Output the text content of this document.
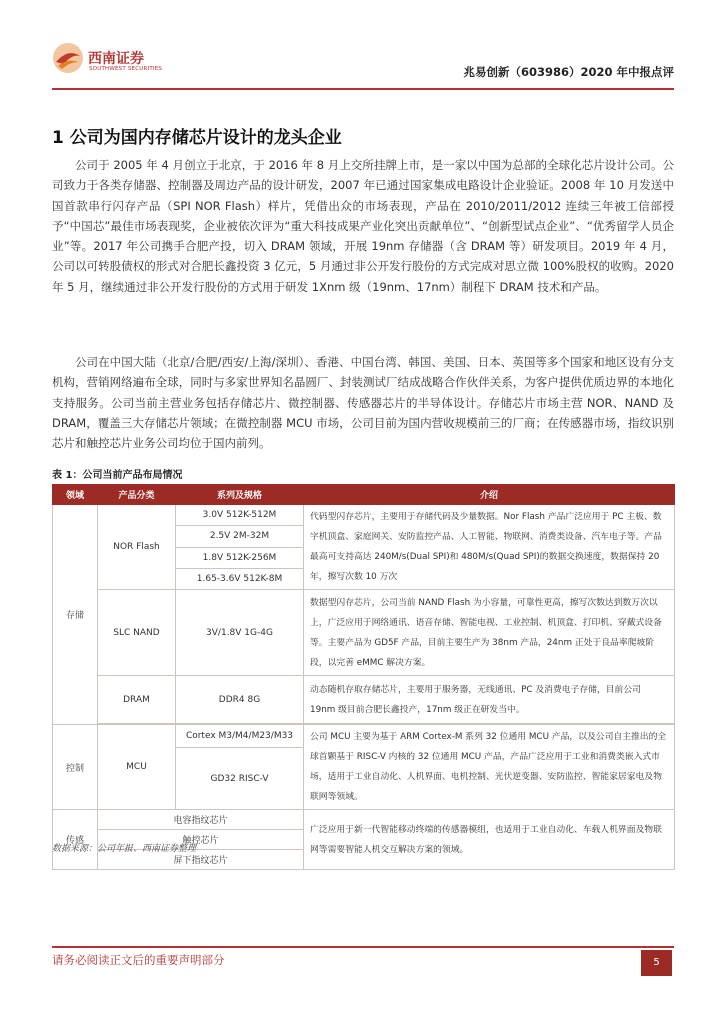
西南证券
SOUTHWEST SECURITIES	兆易创新（603986）2020 年中报点评
1 公司为国内存储芯片设计的龙头企业

公司于 2005 年 4 月创立于北京，于 2016 年 8 月上交所挂牌上市，是一家以中国为总部的全球化芯片设计公司。公司致力于各类存储器、控制器及周边产品的设计研发，2007 年已通过国家集成电路设计企业验证。2008 年 10 月发送中国首款串行闪存产品（SPI NOR Flash）样片，凭借出众的市场表现，产品在 2010/2011/2012 连续三年被工信部授予“中国芯”最佳市场表现奖，企业被依次评为“重大科技成果产业化突出贡献单位”、“创新型试点企业”、“优秀留学人员企业”等。2017 年公司携手合肥产投，切入 DRAM 领域，开展 19nm 存储器（含 DRAM 等）研发项目。2019 年 4 月，公司以可转股债权的形式对合肥长鑫投资 3 亿元，5 月通过非公开发行股份的方式完成对思立微 100%股权的收购。2020 年 5 月，继续通过非公开发行股份的方式用于研发 1Xnm 级（19nm、17nm）制程下 DRAM 技术和产品。

公司在中国大陆（北京/合肥/西安/上海/深圳）、香港、中国台湾、韩国、美国、日本、英国等多个国家和地区设有分支机构，营销网络遍布全球，同时与多家世界知名晶圆厂、封装测试厂结成战略合作伙伴关系，为客户提供优质边界的本地化支持服务。公司当前主营业务包括存储芯片、微控制器、传感器芯片的半导体设计。存储芯片市场主营 NOR、NAND 及 DRAM，覆盖三大存储芯片领域；在微控制器 MCU 市场，公司目前为国内营收规模前三的厂商；在传感器市场，指纹识别芯片和触控芯片业务公司均位于国内前列。

表 1：公司当前产品布局情况
领域	产品分类	系列及规格	介绍
存储	NOR Flash	3.0V 512K-512M	代码型闪存芯片，主要用于存储代码及少量数据。Nor Flash 产品广泛应用于 PC 主板、数字机顶盒、家庭网关、安防监控产品、人工智能、物联网、消费类设备、汽车电子等。产品最高可支持高达 240M/s(Dual SPI)和 480M/s(Quad SPI)的数据交换速度，数据保持 20 年，擦写次数 10 万次
		2.5V 2M-32M	
		1.8V 512K-256M	
		1.65-3.6V 512K-8M	
	SLC NAND	3V/1.8V 1G-4G	数据型闪存芯片，公司当前 NAND Flash 为小容量，可靠性更高，擦写次数达到数万次以上，广泛应用于网络通讯、语音存储、智能电视、工业控制、机顶盒、打印机、穿戴式设备等。主要产品为 GD5F 产品，目前主要生产为 38nm 产品，24nm 正处于良品率爬坡阶段，以完善 eMMC 解决方案。
	DRAM	DDR4 8G	动态随机存取存储芯片，主要用于服务器，无线通讯、PC 及消费电子存储，目前公司 19nm 级目前合肥长鑫投产，17nm 级正在研发当中。

控制	MCU	Cortex M3/M4/M23/M33	公司 MCU 主要为基于 ARM Cortex-M 系列 32 位通用 MCU 产品，以及公司自主推出的全球首颗基于 RISC-V 内核的 32 位通用 MCU 产品，产品广泛应用于工业和消费类嵌入式市场，适用于工业自动化、人机界面、电机控制、光伏逆变器、安防监控、智能家居家电及物联网等领域。
		GD32 RISC-V	
传感	电容指纹芯片		广泛应用于新一代智能移动终端的传感器模组，也适用于工业自动化、车载人机界面及物联网等需要智能人机交互解决方案的领域。
	触控芯片		
	屏下指纹芯片		
数据来源：公司年报、西南证券整理
请务必阅读正文后的重要声明部分	5
